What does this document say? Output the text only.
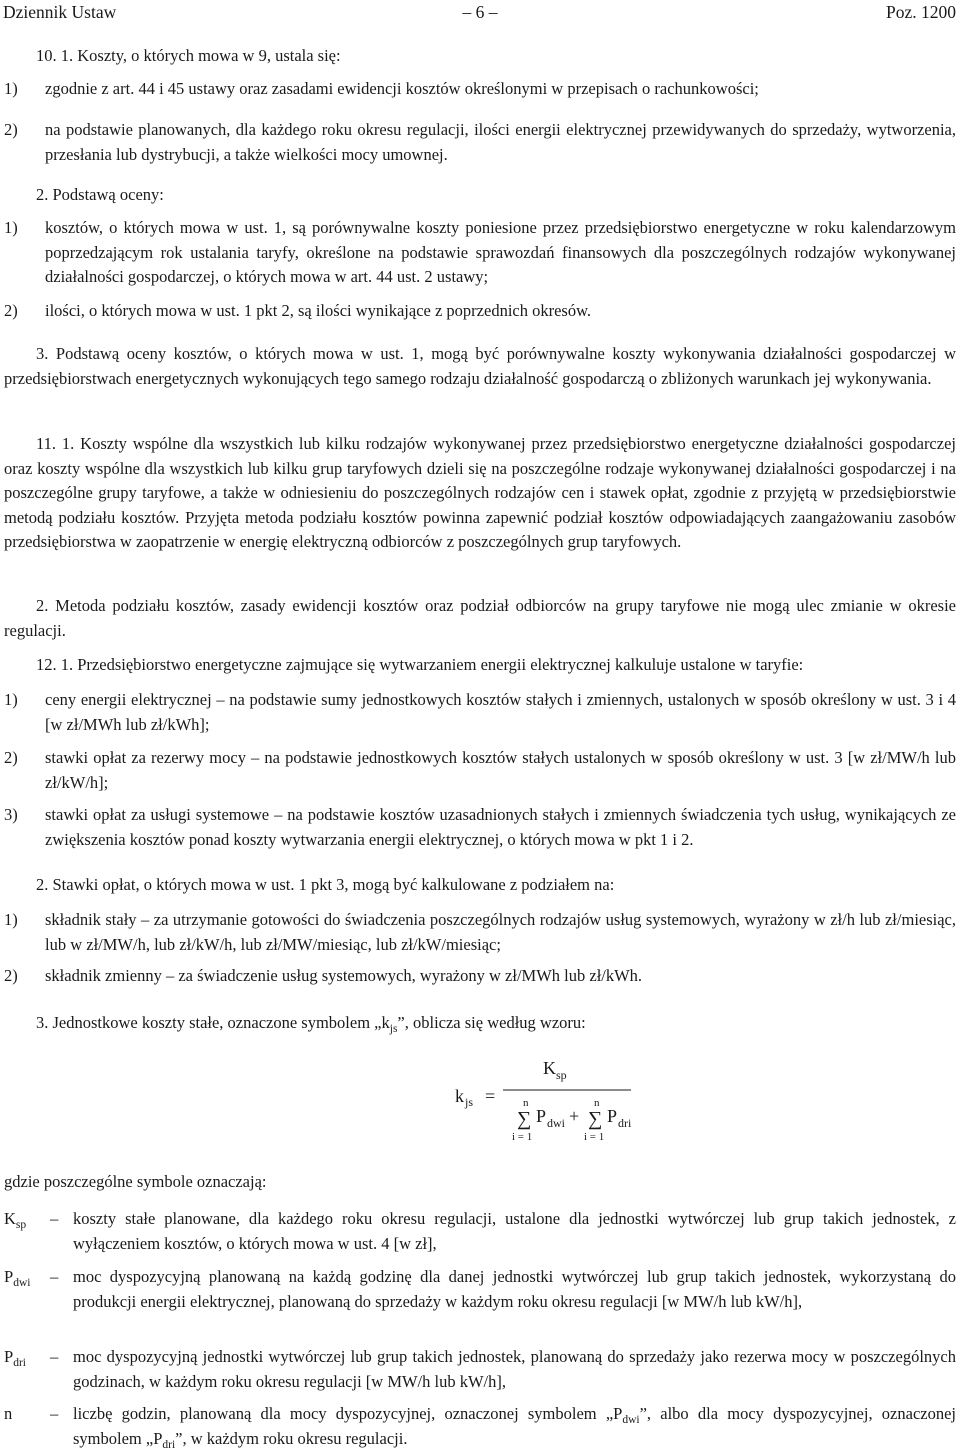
Dziennik Ustaw	– 6 –	Poz. 1200
10. 1. Koszty, o których mowa w 9, ustala się:
1) zgodnie z art. 44 i 45 ustawy oraz zasadami ewidencji kosztów określonymi w przepisach o rachunkowości;
2) na podstawie planowanych, dla każdego roku okresu regulacji, ilości energii elektrycznej przewidywanych do sprzedaży, wytworzenia, przesłania lub dystrybucji, a także wielkości mocy umownej.
2. Podstawą oceny:
1) kosztów, o których mowa w ust. 1, są porównywalne koszty poniesione przez przedsiębiorstwo energetyczne w roku kalendarzowym poprzedzającym rok ustalania taryfy, określone na podstawie sprawozdań finansowych dla poszczególnych rodzajów wykonywanej działalności gospodarczej, o których mowa w art. 44 ust. 2 ustawy;
2) ilości, o których mowa w ust. 1 pkt 2, są ilości wynikające z poprzednich okresów.
3. Podstawą oceny kosztów, o których mowa w ust. 1, mogą być porównywalne koszty wykonywania działalności gospodarczej w przedsiębiorstwach energetycznych wykonujących tego samego rodzaju działalność gospodarczą o zbliżonych warunkach jej wykonywania.
11. 1. Koszty wspólne dla wszystkich lub kilku rodzajów wykonywanej przez przedsiębiorstwo energetyczne działalności gospodarczej oraz koszty wspólne dla wszystkich lub kilku grup taryfowych dzieli się na poszczególne rodzaje wykonywanej działalności gospodarczej i na poszczególne grupy taryfowe, a także w odniesieniu do poszczególnych rodzajów cen i stawek opłat, zgodnie z przyjętą w przedsiębiorstwie metodą podziału kosztów. Przyjęta metoda podziału kosztów powinna zapewnić podział kosztów odpowiadających zaangażowaniu zasobów przedsiębiorstwa w zaopatrzenie w energię elektryczną odbiorców z poszczególnych grup taryfowych.
2. Metoda podziału kosztów, zasady ewidencji kosztów oraz podział odbiorców na grupy taryfowe nie mogą ulec zmianie w okresie regulacji.
12. 1. Przedsiębiorstwo energetyczne zajmujące się wytwarzaniem energii elektrycznej kalkuluje ustalone w taryfie:
1) ceny energii elektrycznej – na podstawie sumy jednostkowych kosztów stałych i zmiennych, ustalonych w sposób określony w ust. 3 i 4 [w zł/MWh lub zł/kWh];
2) stawki opłat za rezerwy mocy – na podstawie jednostkowych kosztów stałych ustalonych w sposób określony w ust. 3 [w zł/MW/h lub zł/kW/h];
3) stawki opłat za usługi systemowe – na podstawie kosztów uzasadnionych stałych i zmiennych świadczenia tych usług, wynikających ze zwiększenia kosztów ponad koszty wytwarzania energii elektrycznej, o których mowa w pkt 1 i 2.
2. Stawki opłat, o których mowa w ust. 1 pkt 3, mogą być kalkulowane z podziałem na:
1) składnik stały – za utrzymanie gotowości do świadczenia poszczególnych rodzajów usług systemowych, wyrażony w zł/h lub zł/miesiąc, lub w zł/MW/h, lub zł/kW/h, lub zł/MW/miesiąc, lub zł/kW/miesiąc;
2) składnik zmienny – za świadczenie usług systemowych, wyrażony w zł/MWh lub zł/kWh.
3. Jednostkowe koszty stałe, oznaczone symbolem $„k_{js}$”, oblicza się według wzoru:
k js =
K sp
n
∑
i = 1
P dwi +
n
∑
i = 1
P dri
gdzie poszczególne symbole oznaczają:
$K_{sp}$ – koszty stałe planowane, dla każdego roku okresu regulacji, ustalone dla jednostki wytwórczej lub grup takich jednostek, z wyłączeniem kosztów, o których mowa w ust. 4 [w zł],
$P_{dwi}$ – moc dyspozycyjną planowaną na każdą godzinę dla danej jednostki wytwórczej lub grup takich jednostek, wykorzystaną do produkcji energii elektrycznej, planowaną do sprzedaży w każdym roku okresu regulacji [w MW/h lub kW/h],
$P_{dri}$ – moc dyspozycyjną jednostki wytwórczej lub grup takich jednostek, planowaną do sprzedaży jako rezerwa mocy w poszczególnych godzinach, w każdym roku okresu regulacji [w MW/h lub kW/h],
n – liczbę godzin, planowaną dla mocy dyspozycyjnej, oznaczonej symbolem $„P_{dwi}$”, albo dla mocy dyspozycyjnej, oznaczonej symbolem $„P_{dri}$”, w każdym roku okresu regulacji.
